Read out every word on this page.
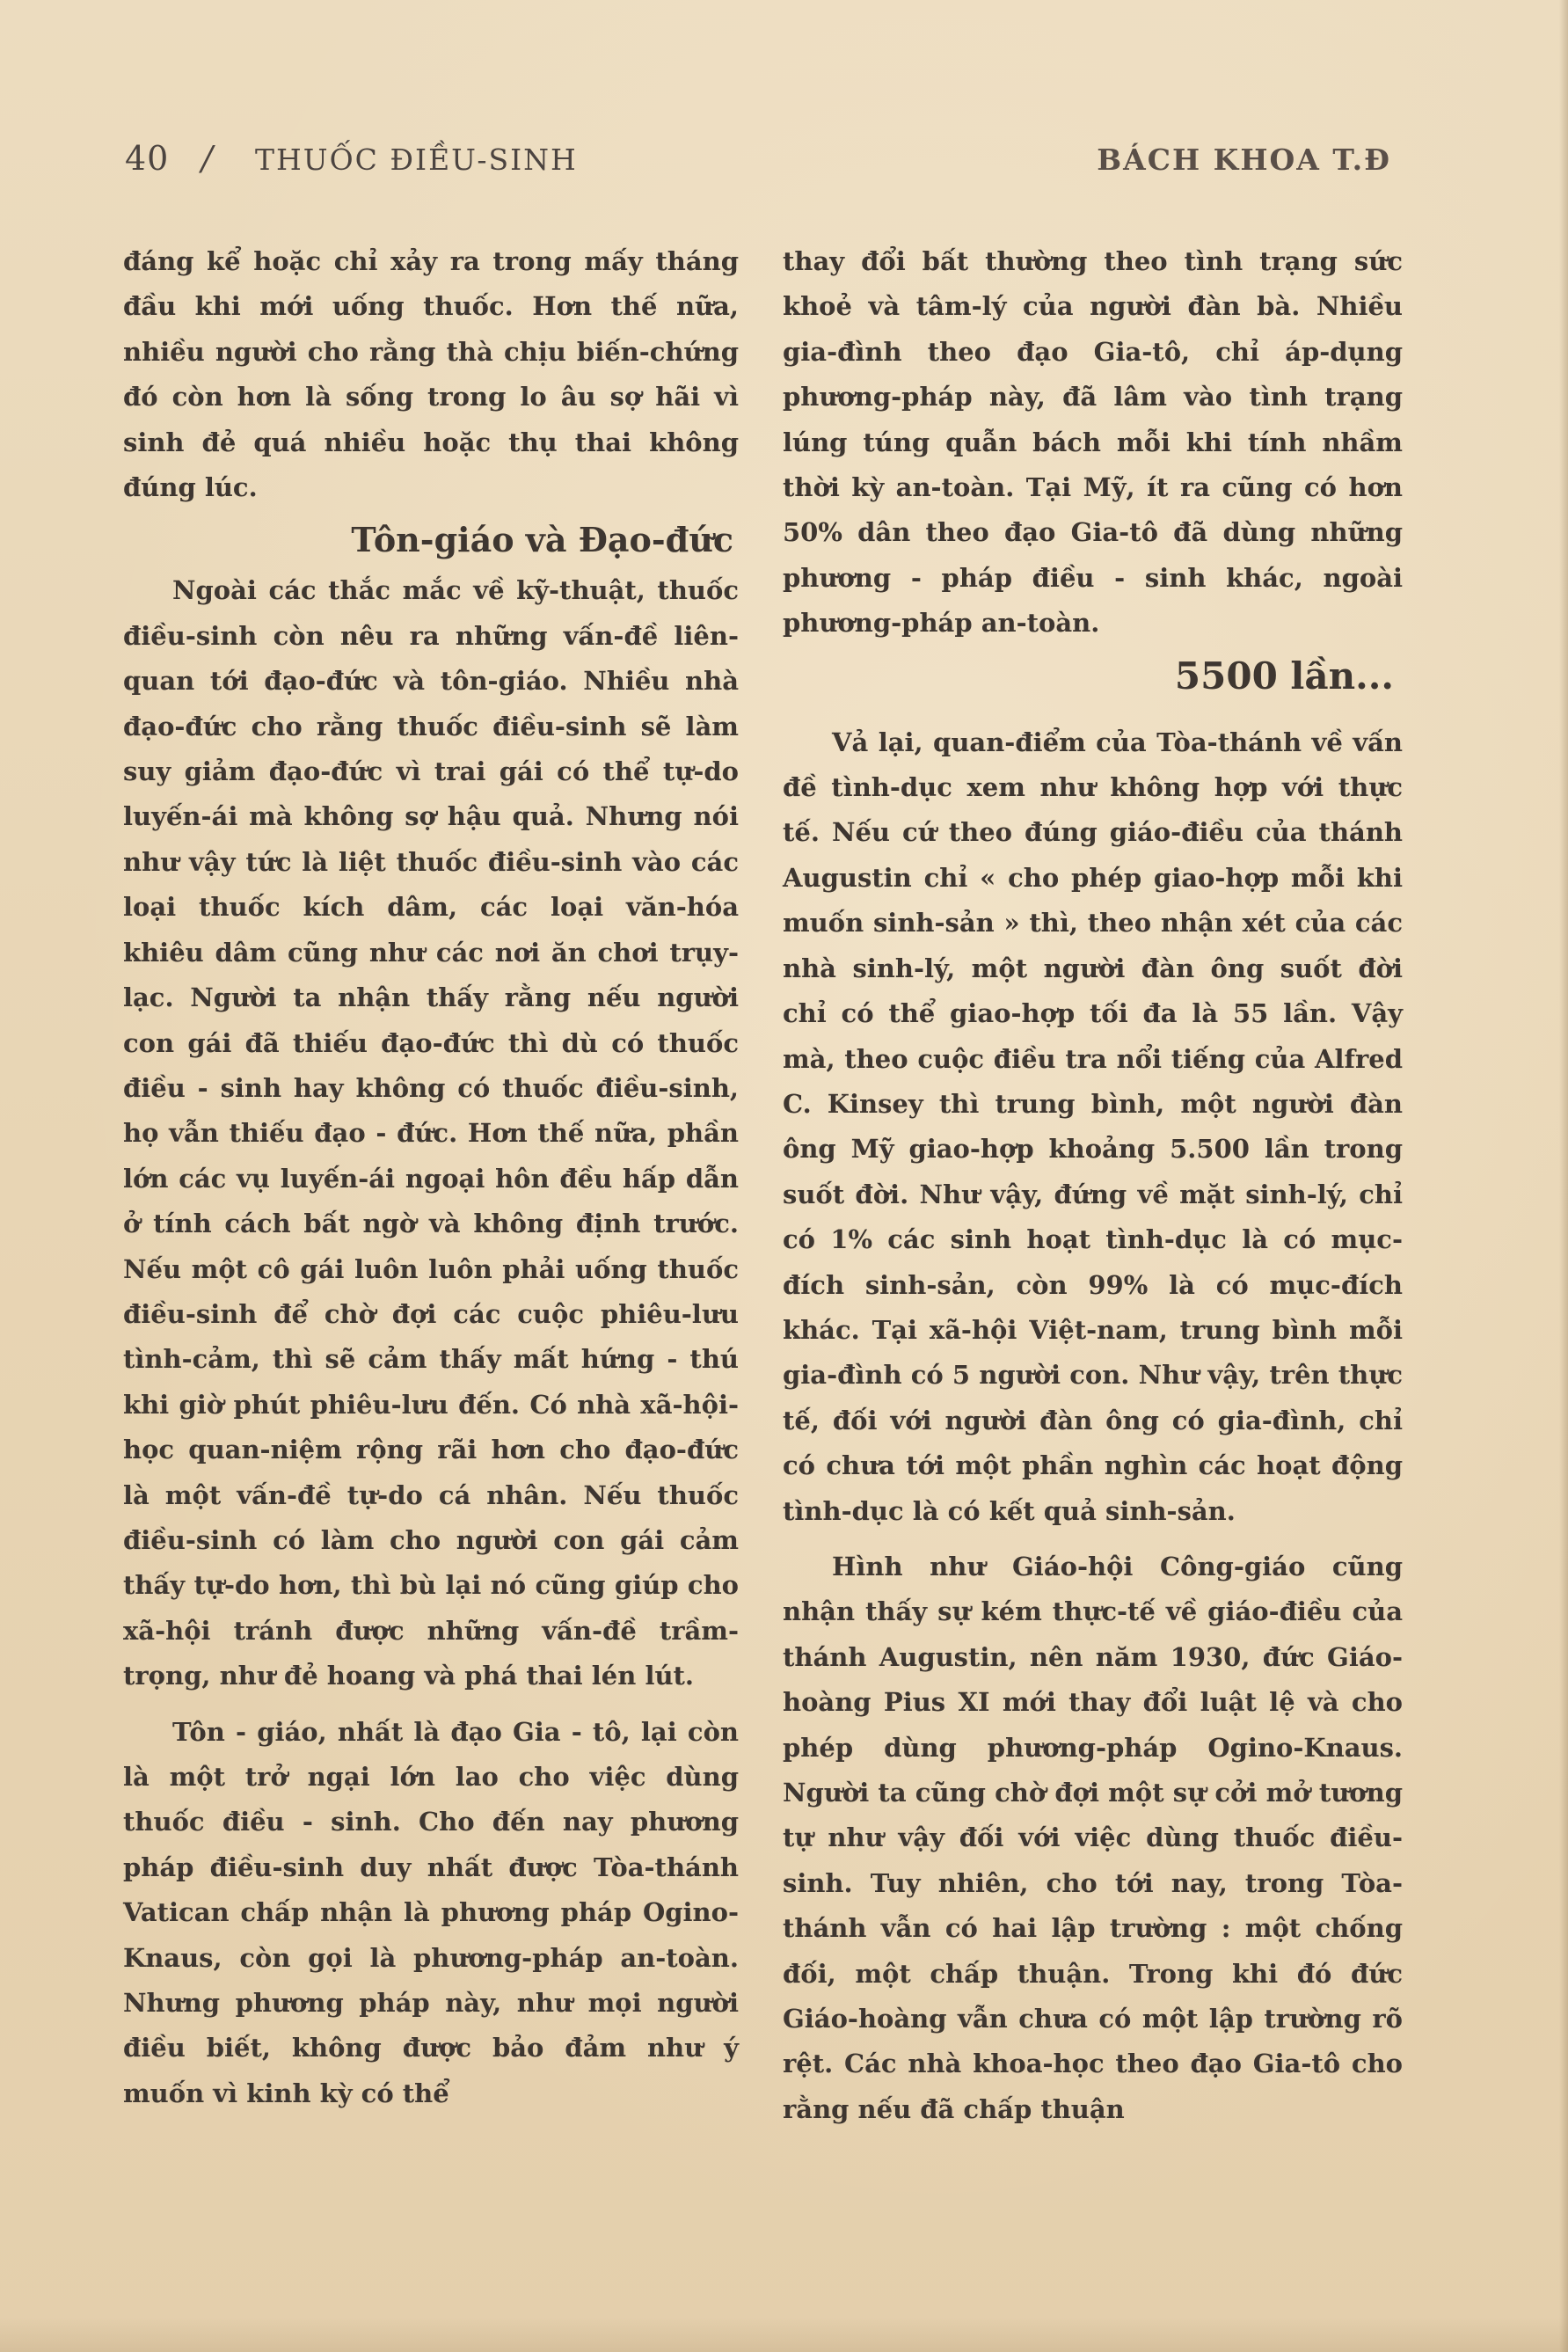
40 / THUỐC ĐIỀU-SINH	BÁCH KHOA T.Đ

đáng kể hoặc chỉ xảy ra trong mấy tháng đầu khi mới uống thuốc. Hơn thế nữa, nhiều người cho rằng thà chịu biến-chứng đó còn hơn là sống trong lo âu sợ hãi vì sinh đẻ quá nhiều hoặc thụ thai không đúng lúc.

Tôn-giáo và Đạo-đức

Ngoài các thắc mắc về kỹ-thuật, thuốc điều-sinh còn nêu ra những vấn-đề liên-quan tới đạo-đức và tôn-giáo. Nhiều nhà đạo-đức cho rằng thuốc điều-sinh sẽ làm suy giảm đạo-đức vì trai gái có thể tự-do luyến-ái mà không sợ hậu quả. Nhưng nói như vậy tức là liệt thuốc điều-sinh vào các loại thuốc kích dâm, các loại văn-hóa khiêu dâm cũng như các nơi ăn chơi trụy-lạc. Người ta nhận thấy rằng nếu người con gái đã thiếu đạo-đức thì dù có thuốc điều - sinh hay không có thuốc điều-sinh, họ vẫn thiếu đạo - đức. Hơn thế nữa, phần lớn các vụ luyến-ái ngoại hôn đều hấp dẫn ở tính cách bất ngờ và không định trước. Nếu một cô gái luôn luôn phải uống thuốc điều-sinh để chờ đợi các cuộc phiêu-lưu tình-cảm, thì sẽ cảm thấy mất hứng - thú khi giờ phút phiêu-lưu đến. Có nhà xã-hội-học quan-niệm rộng rãi hơn cho đạo-đức là một vấn-đề tự-do cá nhân. Nếu thuốc điều-sinh có làm cho người con gái cảm thấy tự-do hơn, thì bù lại nó cũng giúp cho xã-hội tránh được những vấn-đề trầm-trọng, như đẻ hoang và phá thai lén lút.

Tôn - giáo, nhất là đạo Gia - tô, lại còn là một trở ngại lớn lao cho việc dùng thuốc điều - sinh. Cho đến nay phương pháp điều-sinh duy nhất được Tòa-thánh Vatican chấp nhận là phương pháp Ogino-Knaus, còn gọi là phương-pháp an-toàn. Nhưng phương pháp này, như mọi người điều biết, không được bảo đảm như ý muốn vì kinh kỳ có thể

thay đổi bất thường theo tình trạng sức khoẻ và tâm-lý của người đàn bà. Nhiều gia-đình theo đạo Gia-tô, chỉ áp-dụng phương-pháp này, đã lâm vào tình trạng lúng túng quẫn bách mỗi khi tính nhầm thời kỳ an-toàn. Tại Mỹ, ít ra cũng có hơn 50% dân theo đạo Gia-tô đã dùng những phương - pháp điều - sinh khác, ngoài phương-pháp an-toàn.

5500 lần...

Vả lại, quan-điểm của Tòa-thánh về vấn đề tình-dục xem như không hợp với thực tế. Nếu cứ theo đúng giáo-điều của thánh Augustin chỉ « cho phép giao-hợp mỗi khi muốn sinh-sản » thì, theo nhận xét của các nhà sinh-lý, một người đàn ông suốt đời chỉ có thể giao-hợp tối đa là 55 lần. Vậy mà, theo cuộc điều tra nổi tiếng của Alfred C. Kinsey thì trung bình, một người đàn ông Mỹ giao-hợp khoảng 5.500 lần trong suốt đời. Như vậy, đứng về mặt sinh-lý, chỉ có 1% các sinh hoạt tình-dục là có mục-đích sinh-sản, còn 99% là có mục-đích khác. Tại xã-hội Việt-nam, trung bình mỗi gia-đình có 5 người con. Như vậy, trên thực tế, đối với người đàn ông có gia-đình, chỉ có chưa tới một phần nghìn các hoạt động tình-dục là có kết quả sinh-sản.

Hình như Giáo-hội Công-giáo cũng nhận thấy sự kém thực-tế về giáo-điều của thánh Augustin, nên năm 1930, đức Giáo-hoàng Pius XI mới thay đổi luật lệ và cho phép dùng phương-pháp Ogino-Knaus. Người ta cũng chờ đợi một sự cởi mở tương tự như vậy đối với việc dùng thuốc điều-sinh. Tuy nhiên, cho tới nay, trong Tòa-thánh vẫn có hai lập trường : một chống đối, một chấp thuận. Trong khi đó đức Giáo-hoàng vẫn chưa có một lập trường rõ rệt. Các nhà khoa-học theo đạo Gia-tô cho rằng nếu đã chấp thuận
